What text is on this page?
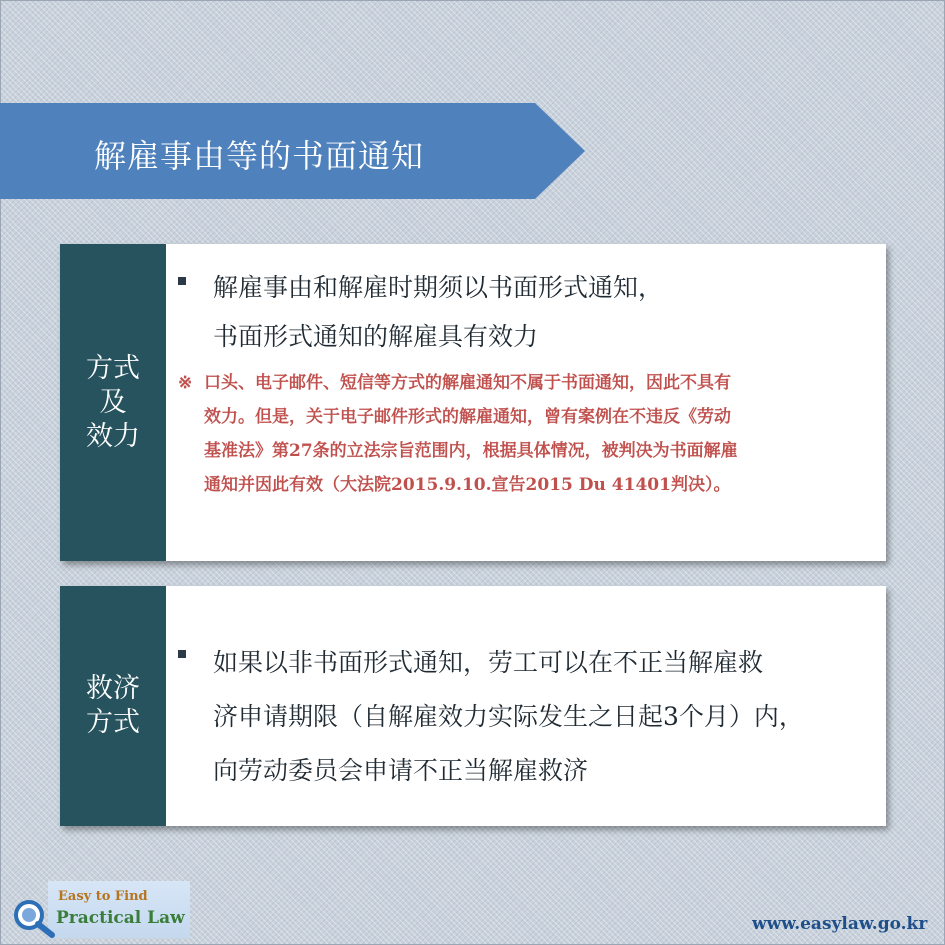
解雇事由等的书面通知
方式
及
效力
解雇事由和解雇时期须以书面形式通知，
书面形式通知的解雇具有效力
※ 口头、电子邮件、短信等方式的解雇通知不属于书面通知，因此不具有
效力。但是，关于电子邮件形式的解雇通知，曾有案例在不违反《劳动
基准法》第27条的立法宗旨范围内，根据具体情况，被判决为书面解雇
通知并因此有效（大法院2015.9.10.宣告2015 Du 41401判决）。
救济
方式
如果以非书面形式通知，劳工可以在不正当解雇救
济申请期限（自解雇效力实际发生之日起3个月）内，
向劳动委员会申请不正当解雇救济
Easy to Find
Practical Law	www.easylaw.go.kr
